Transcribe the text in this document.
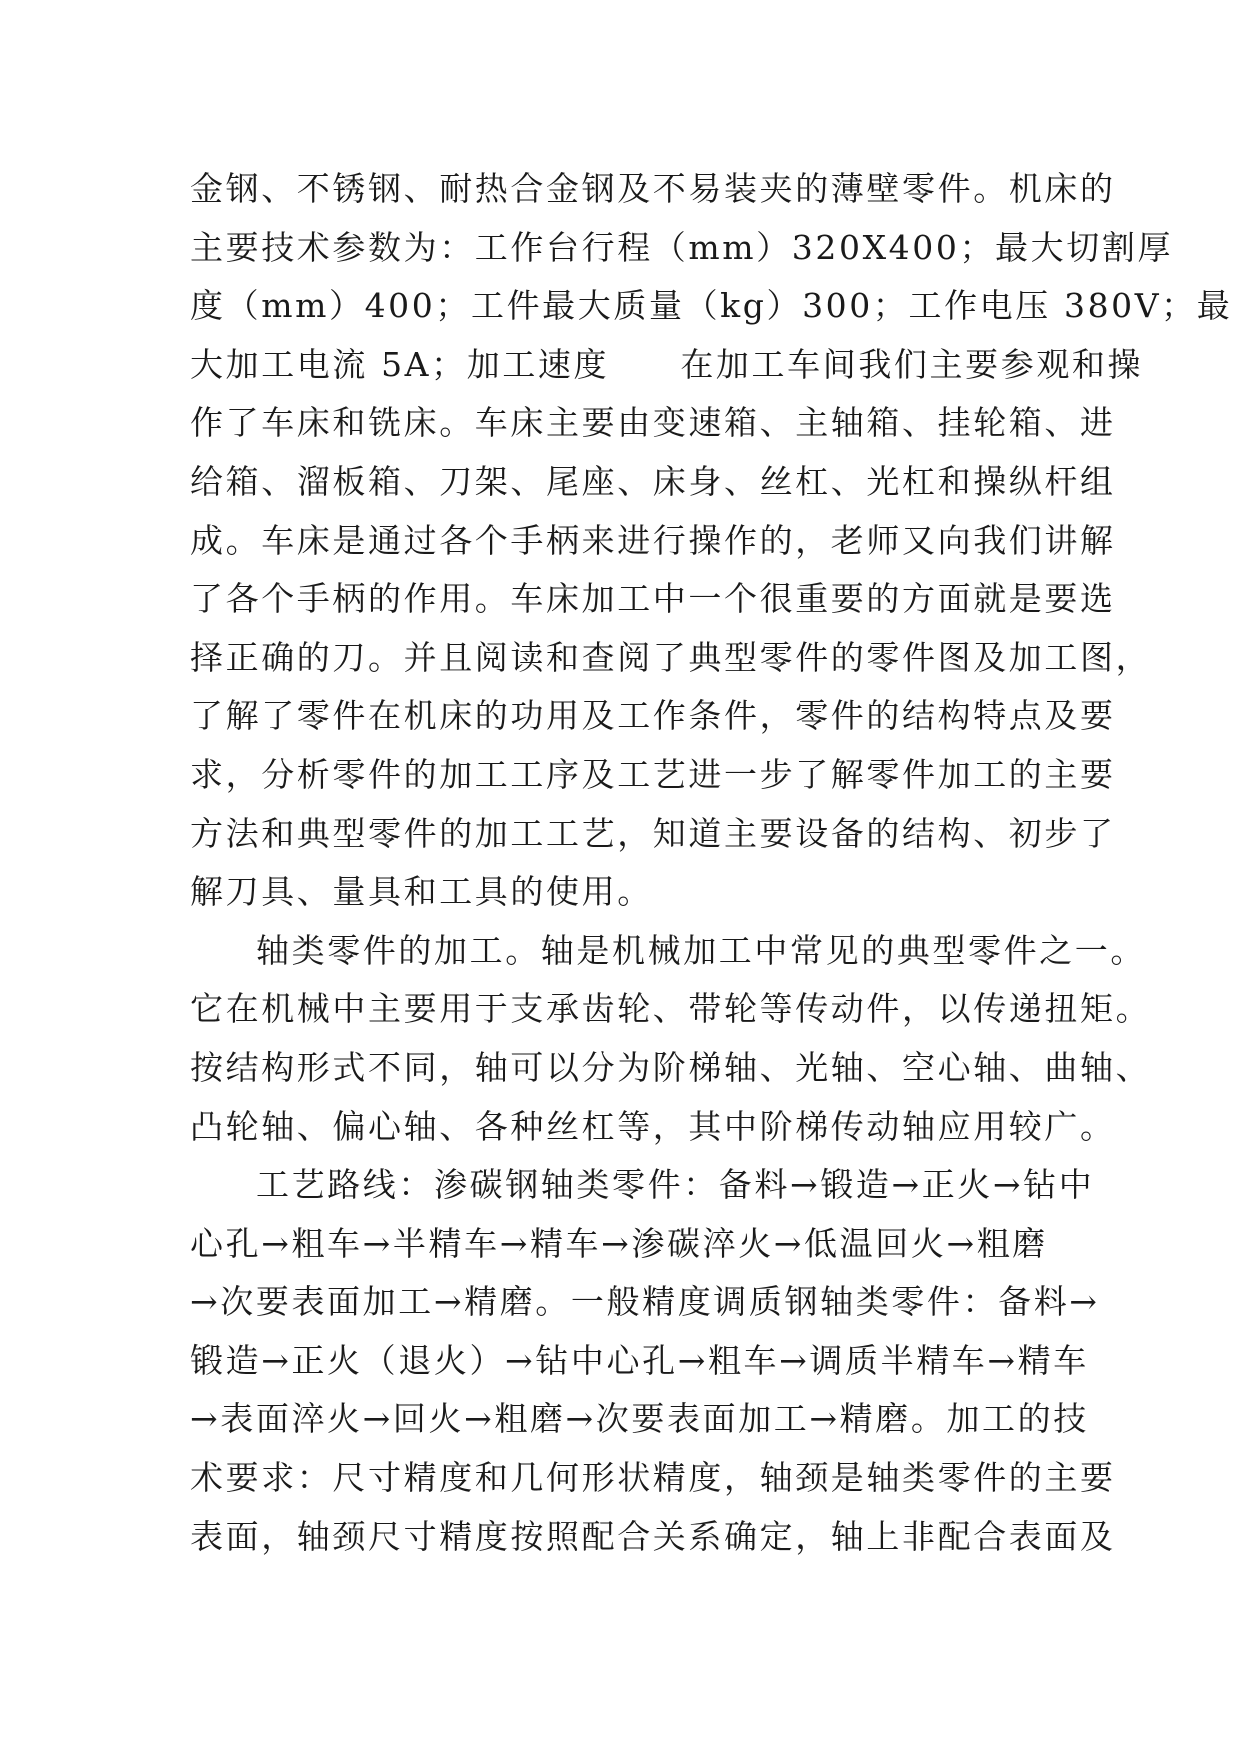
金钢、不锈钢、耐热合金钢及不易装夹的薄壁零件。机床的
主要技术参数为：工作台行程（mm）320X400；最大切割厚
度（mm）400；工件最大质量（kg）300；工作电压 380V；最
大加工电流 5A；加工速度　　在加工车间我们主要参观和操
作了车床和铣床。车床主要由变速箱、主轴箱、挂轮箱、进
给箱、溜板箱、刀架、尾座、床身、丝杠、光杠和操纵杆组
成。车床是通过各个手柄来进行操作的，老师又向我们讲解
了各个手柄的作用。车床加工中一个很重要的方面就是要选
择正确的刀。并且阅读和查阅了典型零件的零件图及加工图，
了解了零件在机床的功用及工作条件，零件的结构特点及要
求，分析零件的加工工序及工艺进一步了解零件加工的主要
方法和典型零件的加工工艺，知道主要设备的结构、初步了
解刀具、量具和工具的使用。
轴类零件的加工。轴是机械加工中常见的典型零件之一。
它在机械中主要用于支承齿轮、带轮等传动件，以传递扭矩。
按结构形式不同，轴可以分为阶梯轴、光轴、空心轴、曲轴、
凸轮轴、偏心轴、各种丝杠等，其中阶梯传动轴应用较广。
工艺路线：渗碳钢轴类零件：备料→锻造→正火→钻中
心孔→粗车→半精车→精车→渗碳淬火→低温回火→粗磨
→次要表面加工→精磨。一般精度调质钢轴类零件：备料→
锻造→正火（退火）→钻中心孔→粗车→调质半精车→精车
→表面淬火→回火→粗磨→次要表面加工→精磨。加工的技
术要求：尺寸精度和几何形状精度，轴颈是轴类零件的主要
表面，轴颈尺寸精度按照配合关系确定，轴上非配合表面及
